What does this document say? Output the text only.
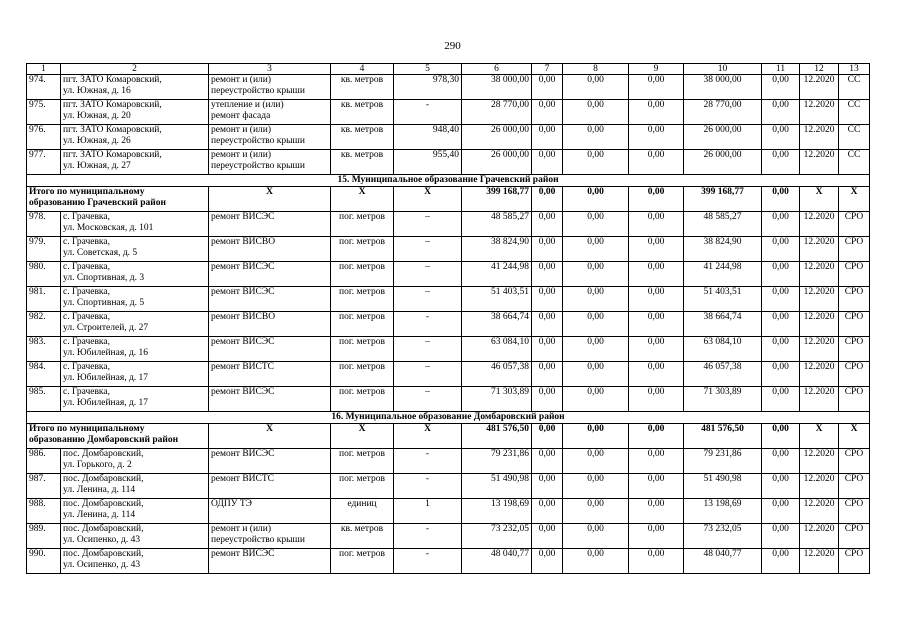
290
1	2	3	4	5	6	7	8	9	10	11	12	13
974.	пгт. ЗАТО Комаровский,
ул. Южная, д. 16	ремонт и (или)
переустройство крыши	кв. метров	978,30	38 000,00	0,00	0,00	0,00	38 000,00	0,00	12.2020	СС
975.	пгт. ЗАТО Комаровский,
ул. Южная, д. 20	утепление и (или)
ремонт фасада	кв. метров	-	28 770,00	0,00	0,00	0,00	28 770,00	0,00	12.2020	СС
976.	пгт. ЗАТО Комаровский,
ул. Южная, д. 26	ремонт и (или)
переустройство крыши	кв. метров	948,40	26 000,00	0,00	0,00	0,00	26 000,00	0,00	12.2020	СС
977.	пгт. ЗАТО Комаровский,
ул. Южная, д. 27	ремонт и (или)
переустройство крыши	кв. метров	955,40	26 000,00	0,00	0,00	0,00	26 000,00	0,00	12.2020	СС
15. Муниципальное образование Грачевский район												

Итого по муниципальному
образованию Грачевский район		Х	Х	Х	399 168,77	0,00	0,00	0,00	399 168,77	0,00	Х	Х
978.	с. Грачевка,
ул. Московская, д. 101	ремонт ВИСЭС	пог. метров	–	48 585,27	0,00	0,00	0,00	48 585,27	0,00	12.2020	СРО
979.	с. Грачевка,
ул. Советская, д. 5	ремонт ВИСВО	пог. метров	–	38 824,90	0,00	0,00	0,00	38 824,90	0,00	12.2020	СРО
980.	с. Грачевка,
ул. Спортивная, д. 3	ремонт ВИСЭС	пог. метров	–	41 244,98	0,00	0,00	0,00	41 244,98	0,00	12.2020	СРО
981.	с. Грачевка,
ул. Спортивная, д. 5	ремонт ВИСЭС	пог. метров	–	51 403,51	0,00	0,00	0,00	51 403,51	0,00	12.2020	СРО
982.	с. Грачевка,
ул. Строителей, д. 27	ремонт ВИСВО	пог. метров	-	38 664,74	0,00	0,00	0,00	38 664,74	0,00	12.2020	СРО
983.	с. Грачевка,
ул. Юбилейная, д. 16	ремонт ВИСЭС	пог. метров	–	63 084,10	0,00	0,00	0,00	63 084,10	0,00	12.2020	СРО
984.	с. Грачевка,
ул. Юбилейная, д. 17	ремонт ВИСТС	пог. метров	–	46 057,38	0,00	0,00	0,00	46 057,38	0,00	12.2020	СРО
985.	с. Грачевка,
ул. Юбилейная, д. 17	ремонт ВИСЭС	пог. метров	–	71 303,89	0,00	0,00	0,00	71 303,89	0,00	12.2020	СРО
16. Муниципальное образование Домбаровский район												

Итого по муниципальному
образованию Домбаровский район		Х	Х	Х	481 576,50	0,00	0,00	0,00	481 576,50	0,00	Х	Х
986.	пос. Домбаровский,
ул. Горького, д. 2	ремонт ВИСЭС	пог. метров	-	79 231,86	0,00	0,00	0,00	79 231,86	0,00	12.2020	СРО
987.	пос. Домбаровский,
ул. Ленина, д. 114	ремонт ВИСТС	пог. метров	-	51 490,98	0,00	0,00	0,00	51 490,98	0,00	12.2020	СРО
988.	пос. Домбаровский,
ул. Ленина, д. 114	ОДПУ ТЭ	единиц	1	13 198,69	0,00	0,00	0,00	13 198,69	0,00	12.2020	СРО
989.	пос. Домбаровский,
ул. Осипенко, д. 43	ремонт и (или)
переустройство крыши	кв. метров	-	73 232,05	0,00	0,00	0,00	73 232,05	0,00	12.2020	СРО
990.	пос. Домбаровский,
ул. Осипенко, д. 43	ремонт ВИСЭС	пог. метров	-	48 040,77	0,00	0,00	0,00	48 040,77	0,00	12.2020	СРО
